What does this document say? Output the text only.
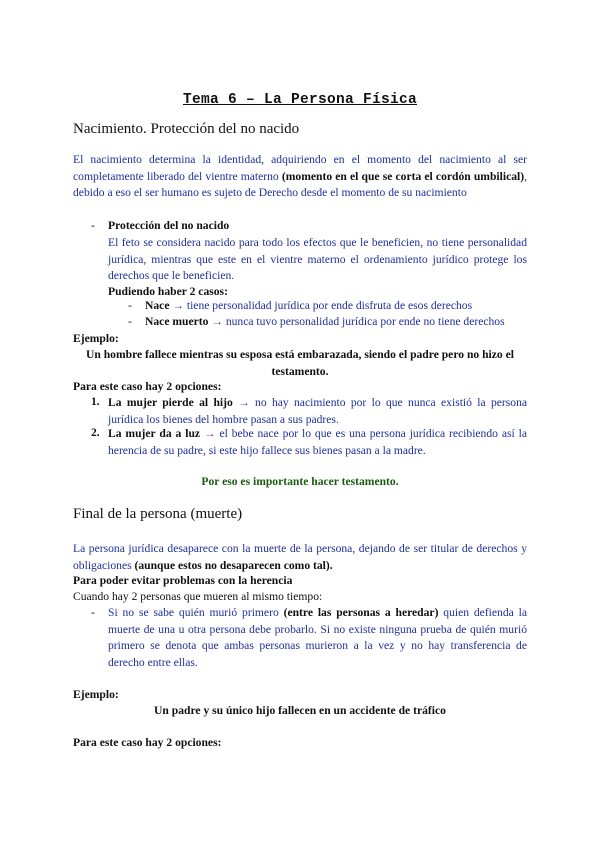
Tema 6 – La Persona Física
Nacimiento. Protección del no nacido
El nacimiento determina la identidad, adquiriendo en el momento del nacimiento al ser completamente liberado del vientre materno (momento en el que se corta el cordón umbilical), debido a eso el ser humano es sujeto de Derecho desde el momento de su nacimiento
- Protección del no nacido
El feto se considera nacido para todo los efectos que le beneficien, no tiene personalidad jurídica, mientras que este en el vientre materno el ordenamiento jurídico protege los derechos que le beneficien.
Pudiendo haber 2 casos:
- Nace → tiene personalidad jurídica por ende disfruta de esos derechos
- Nace muerto → nunca tuvo personalidad jurídica por ende no tiene derechos
Ejemplo:
Un hombre fallece mientras su esposa está embarazada, siendo el padre pero no hizo el testamento.
Para este caso hay 2 opciones:
1. La mujer pierde al hijo → no hay nacimiento por lo que nunca existió la persona jurídica los bienes del hombre pasan a sus padres.
2. La mujer da a luz → el bebe nace por lo que es una persona jurídica recibiendo así la herencia de su padre, si este hijo fallece sus bienes pasan a la madre.
Por eso es importante hacer testamento.
Final de la persona (muerte)
La persona jurídica desaparece con la muerte de la persona, dejando de ser titular de derechos y obligaciones (aunque estos no desaparecen como tal).
Para poder evitar problemas con la herencia
Cuando hay 2 personas que mueren al mismo tiempo:
- Si no se sabe quién murió primero (entre las personas a heredar) quien defienda la muerte de una u otra persona debe probarlo. Si no existe ninguna prueba de quién murió primero se denota que ambas personas murieron a la vez y no hay transferencia de derecho entre ellas.
Ejemplo:
Un padre y su único hijo fallecen en un accidente de tráfico
Para este caso hay 2 opciones:
